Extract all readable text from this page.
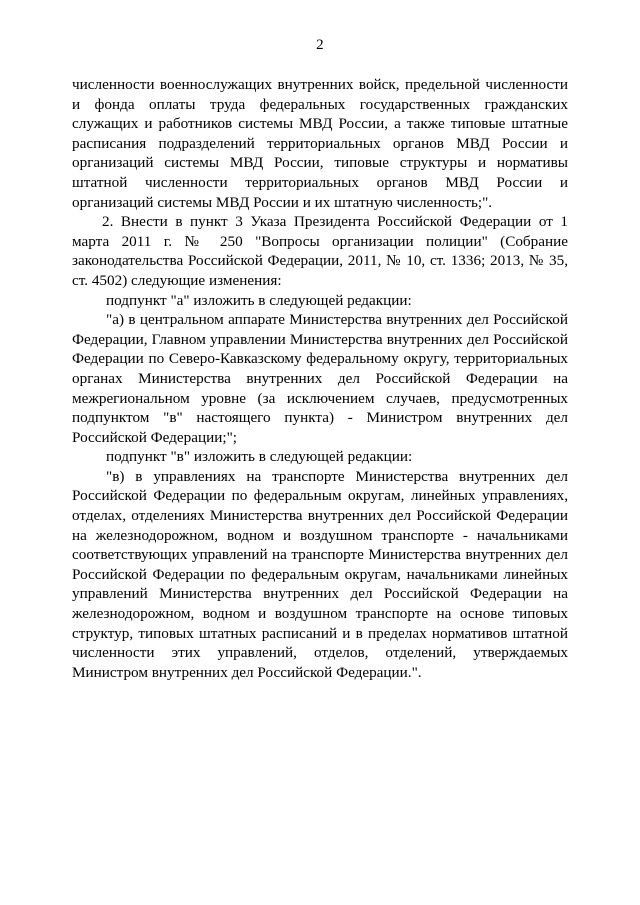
2

численности военнослужащих внутренних войск, предельной численности и фонда оплаты труда федеральных государственных гражданских служащих и работников системы МВД России, а также типовые штатные расписания подразделений территориальных органов МВД России и организаций системы МВД России, типовые структуры и нормативы штатной численности территориальных органов МВД России и организаций системы МВД России и их штатную численность;".

2. Внести в пункт 3 Указа Президента Российской Федерации от 1 марта 2011 г. № 250 "Вопросы организации полиции" (Собрание законодательства Российской Федерации, 2011, № 10, ст. 1336; 2013, № 35, ст. 4502) следующие изменения:

подпункт "а" изложить в следующей редакции:

"а) в центральном аппарате Министерства внутренних дел Российской Федерации, Главном управлении Министерства внутренних дел Российской Федерации по Северо-Кавказскому федеральному округу, территориальных органах Министерства внутренних дел Российской Федерации на межрегиональном уровне (за исключением случаев, предусмотренных подпунктом "в" настоящего пункта) - Министром внутренних дел Российской Федерации;";

подпункт "в" изложить в следующей редакции:

"в) в управлениях на транспорте Министерства внутренних дел Российской Федерации по федеральным округам, линейных управлениях, отделах, отделениях Министерства внутренних дел Российской Федерации на железнодорожном, водном и воздушном транспорте - начальниками соответствующих управлений на транспорте Министерства внутренних дел Российской Федерации по федеральным округам, начальниками линейных управлений Министерства внутренних дел Российской Федерации на железнодорожном, водном и воздушном транспорте на основе типовых структур, типовых штатных расписаний и в пределах нормативов штатной численности этих управлений, отделов, отделений, утверждаемых Министром внутренних дел Российской Федерации.".
